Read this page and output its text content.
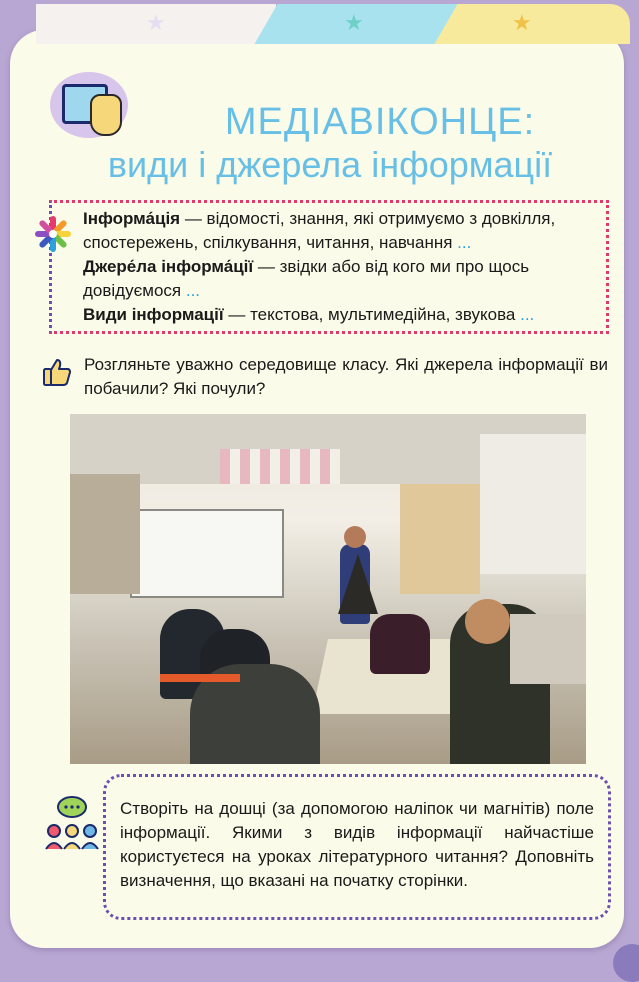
★	★	★
МЕДІАВІКОНЦЕ:
види і джерела інформації

Інформа́ція — відомості, знання, які отримуємо з довкілля, спостережень, спілкування, читання, навчання ...

Джере́ла інформа́ції — звідки або від кого ми про щось довідуємося ...

Види інформації — текстова, мультимедійна, звукова ...

Розгляньте уважно середовище класу. Які джерела інформації ви побачили? Які почули?
Створіть на дошці (за допомогою наліпок чи магнітів) поле інформації. Якими з видів інформації найчастіше користуєтеся на уроках літературного читання? Доповніть визначення, що вказані на початку сторінки.
